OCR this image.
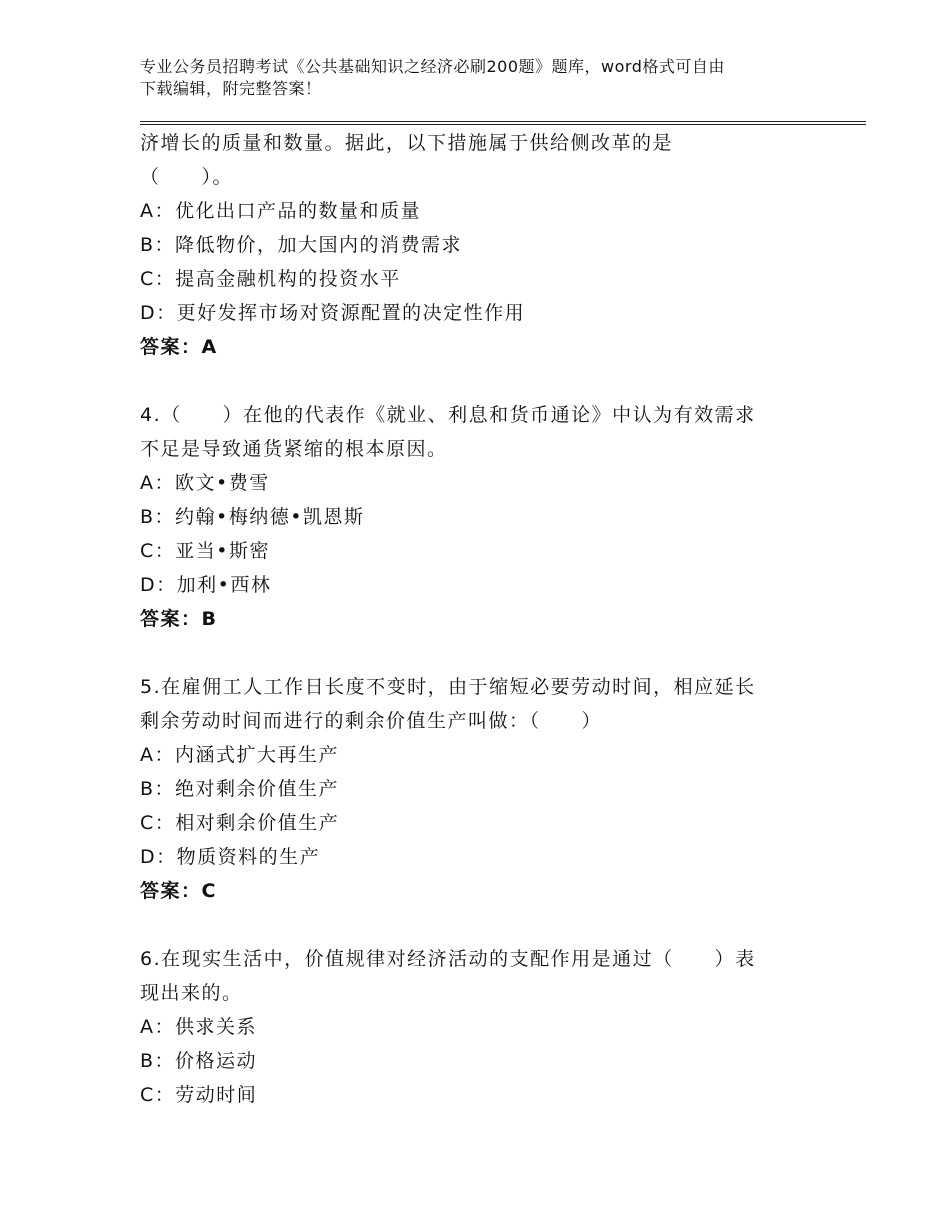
专业公务员招聘考试《公共基础知识之经济必刷200题》题库，word格式可自由
下载编辑，附完整答案！

济增长的质量和数量。据此，以下措施属于供给侧改革的是

（　　）。

A：优化出口产品的数量和质量

B：降低物价，加大国内的消费需求

C：提高金融机构的投资水平

D：更好发挥市场对资源配置的决定性作用

答案：A

4.（　　）在他的代表作《就业、利息和货币通论》中认为有效需求

不足是导致通货紧缩的根本原因。

A：欧文•费雪

B：约翰•梅纳德•凯恩斯

C：亚当•斯密

D：加利•西林

答案：B

5.在雇佣工人工作日长度不变时，由于缩短必要劳动时间，相应延长

剩余劳动时间而进行的剩余价值生产叫做：（　　）

A：内涵式扩大再生产

B：绝对剩余价值生产

C：相对剩余价值生产

D：物质资料的生产

答案：C

6.在现实生活中，价值规律对经济活动的支配作用是通过（　　）表

现出来的。

A：供求关系

B：价格运动

C：劳动时间
